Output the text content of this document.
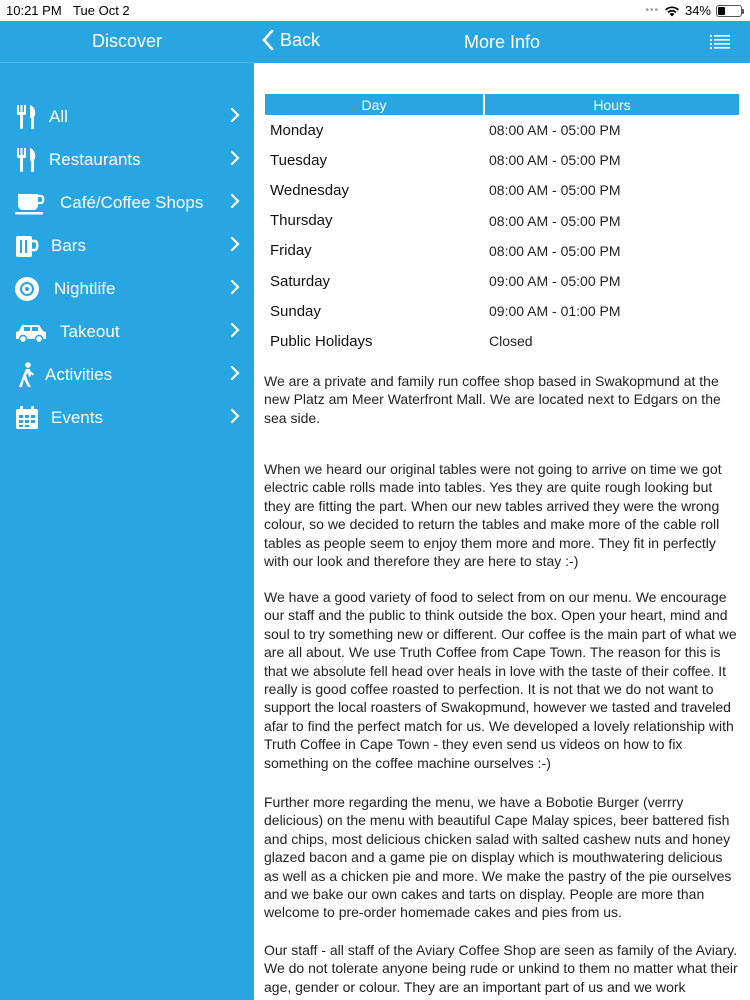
10:21 PM Tue Oct 2	••• 34%
Discover
All
Restaurants
Café/Coffee Shops
Bars
Nightlife
Takeout
Activities
Events
Back	More Info
Day	Hours
Monday	08:00 AM - 05:00 PM
Tuesday	08:00 AM - 05:00 PM
Wednesday	08:00 AM - 05:00 PM
Thursday	08:00 AM - 05:00 PM
Friday	08:00 AM - 05:00 PM
Saturday	09:00 AM - 05:00 PM
Sunday	09:00 AM - 01:00 PM
Public Holidays	Closed

We are a private and family run coffee shop based in Swakopmund at the new Platz am Meer Waterfront Mall. We are located next to Edgars on the sea side.

When we heard our original tables were not going to arrive on time we got electric cable rolls made into tables. Yes they are quite rough looking but they are fitting the part. When our new tables arrived they were the wrong colour, so we decided to return the tables and make more of the cable roll tables as people seem to enjoy them more and more. They fit in perfectly with our look and therefore they are here to stay :-)

We have a good variety of food to select from on our menu. We encourage our staff and the public to think outside the box. Open your heart, mind and soul to try something new or different. Our coffee is the main part of what we are all about. We use Truth Coffee from Cape Town. The reason for this is that we absolute fell head over heals in love with the taste of their coffee. It really is good coffee roasted to perfection. It is not that we do not want to support the local roasters of Swakopmund, however we tasted and traveled afar to find the perfect match for us. We developed a lovely relationship with Truth Coffee in Cape Town - they even send us videos on how to fix something on the coffee machine ourselves :-)

Further more regarding the menu, we have a Bobotie Burger (verrry delicious) on the menu with beautiful Cape Malay spices, beer battered fish and chips, most delicious chicken salad with salted cashew nuts and honey glazed bacon and a game pie on display which is mouthwatering delicious as well as a chicken pie and more. We make the pastry of the pie ourselves and we bake our own cakes and tarts on display. People are more than welcome to pre-order homemade cakes and pies from us.

Our staff - all staff of the Aviary Coffee Shop are seen as family of the Aviary. We do not tolerate anyone being rude or unkind to them no matter what their age, gender or colour. They are an important part of us and we work
